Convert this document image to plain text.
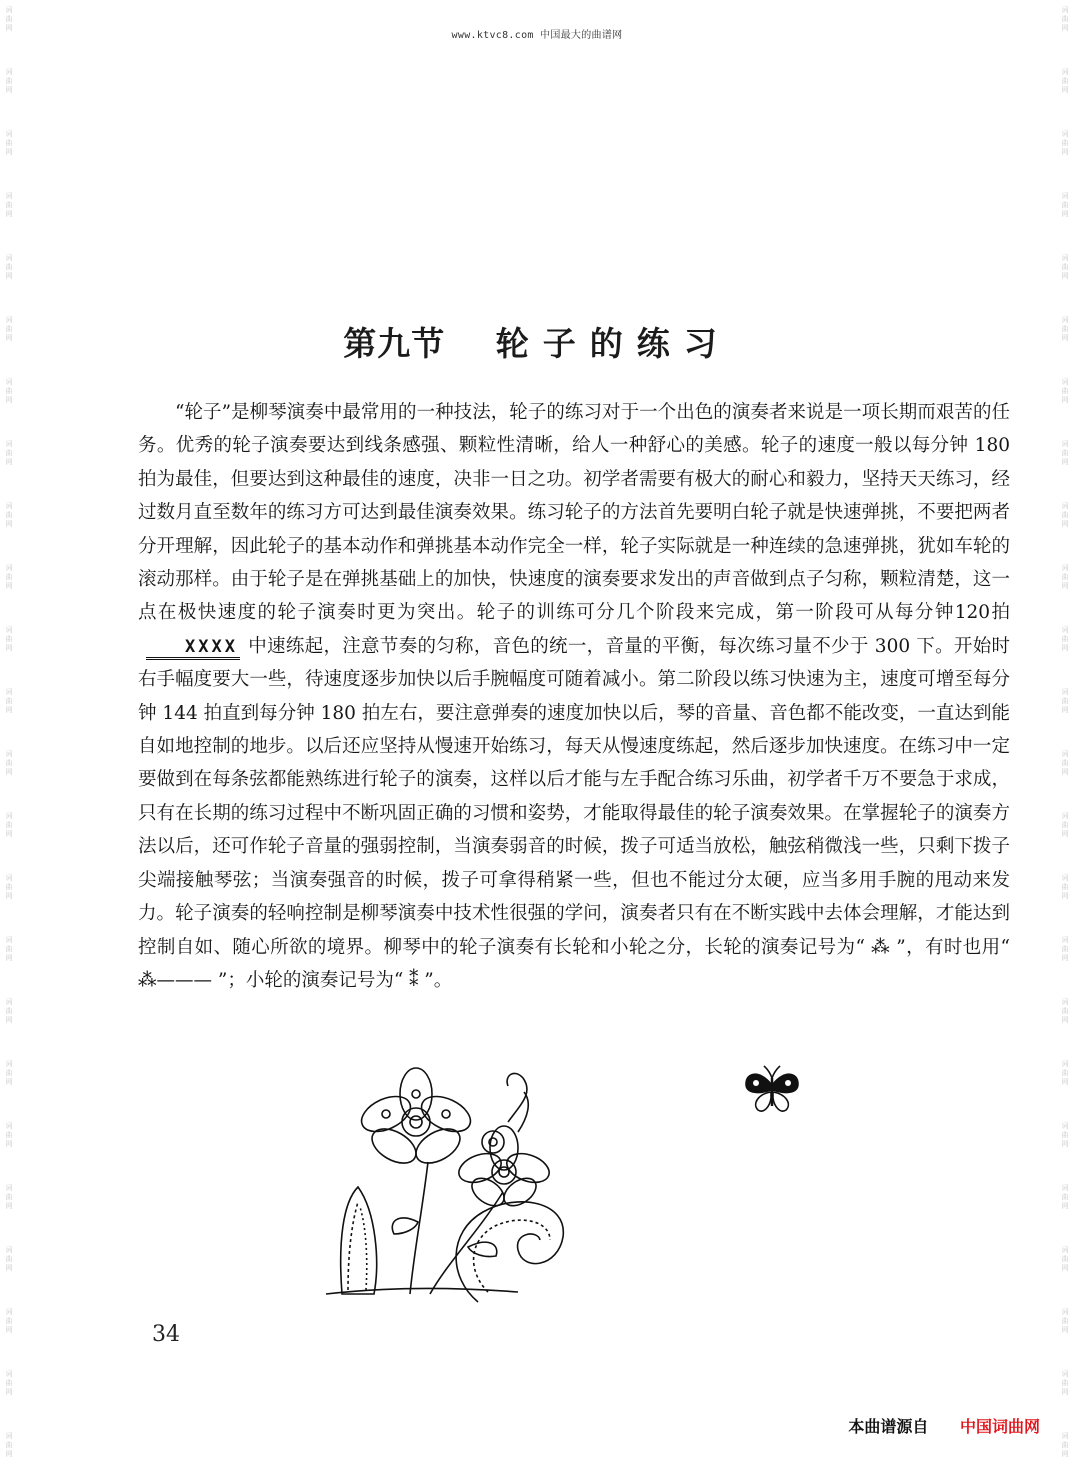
www.ktvc8.com 中国最大的曲谱网
词
曲
网
词
曲
网
词
曲
网
词
曲
网
词
曲
网
词
曲
网
词
曲
网
词
曲
网
词
曲
网
词
曲
网
词
曲
网
词
曲
网
词
曲
网
词
曲
网
词
曲
网
词
曲
网
词
曲
网
词
曲
网
词
曲
网
词
曲
网
词
曲
网
词
曲
网
词
曲
网
词
曲
网
词
曲
网
词
曲
网
词
曲
网
词
曲
网
词
曲
网
词
曲
网
词
曲
网
词
曲
网
词
曲
网
词
曲
网
词
曲
网
词
曲
网
词
曲
网
词
曲
网
词
曲
网
词
曲
网
词
曲
网
词
曲
网
词
曲
网
词
曲
网
词
曲
网
词
曲
网
词
曲
网
词
曲
网
第九节 轮子的练习
“轮子”是柳琴演奏中最常用的一种技法，轮子的练习对于一个出色的演奏者来说是一项长期而艰苦的任务。优秀的轮子演奏要达到线条感强、颗粒性清晰，给人一种舒心的美感。轮子的速度一般以每分钟 180 拍为最佳，但要达到这种最佳的速度，决非一日之功。初学者需要有极大的耐心和毅力，坚持天天练习，经过数月直至数年的练习方可达到最佳演奏效果。练习轮子的方法首先要明白轮子就是快速弹挑，不要把两者分开理解，因此轮子的基本动作和弹挑基本动作完全一样，轮子实际就是一种连续的急速弹挑，犹如车轮的滚动那样。由于轮子是在弹挑基础上的加快，快速度的演奏要求发出的声音做到点子匀称，颗粒清楚，这一点在极快速度的轮子演奏时更为突出。轮子的训练可分几个阶段来完成，第一阶段可从每分钟120拍XXXX 中速练起，注意节奏的匀称，音色的统一，音量的平衡，每次练习量不少于 300 下。开始时右手幅度要大一些，待速度逐步加快以后手腕幅度可随着减小。第二阶段以练习快速为主，速度可增至每分钟 144 拍直到每分钟 180 拍左右，要注意弹奏的速度加快以后，琴的音量、音色都不能改变，一直达到能自如地控制的地步。以后还应坚持从慢速开始练习，每天从慢速度练起，然后逐步加快速度。在练习中一定要做到在每条弦都能熟练进行轮子的演奏，这样以后才能与左手配合练习乐曲，初学者千万不要急于求成，只有在长期的练习过程中不断巩固正确的习惯和姿势，才能取得最佳的轮子演奏效果。在掌握轮子的演奏方法以后，还可作轮子音量的强弱控制，当演奏弱音的时候，拨子可适当放松，触弦稍微浅一些，只剩下拨子尖端接触琴弦；当演奏强音的时候，拨子可拿得稍紧一些，但也不能过分太硬，应当多用手腕的甩动来发力。轮子演奏的轻响控制是柳琴演奏中技术性很强的学问，演奏者只有在不断实践中去体会理解，才能达到控制自如、随心所欲的境界。柳琴中的轮子演奏有长轮和小轮之分，长轮的演奏记号为“ ⁂ ”，有时也用“ ⁂——— ”；小轮的演奏记号为“ ⁑ ”。
34
本曲谱源自 中国词曲网
